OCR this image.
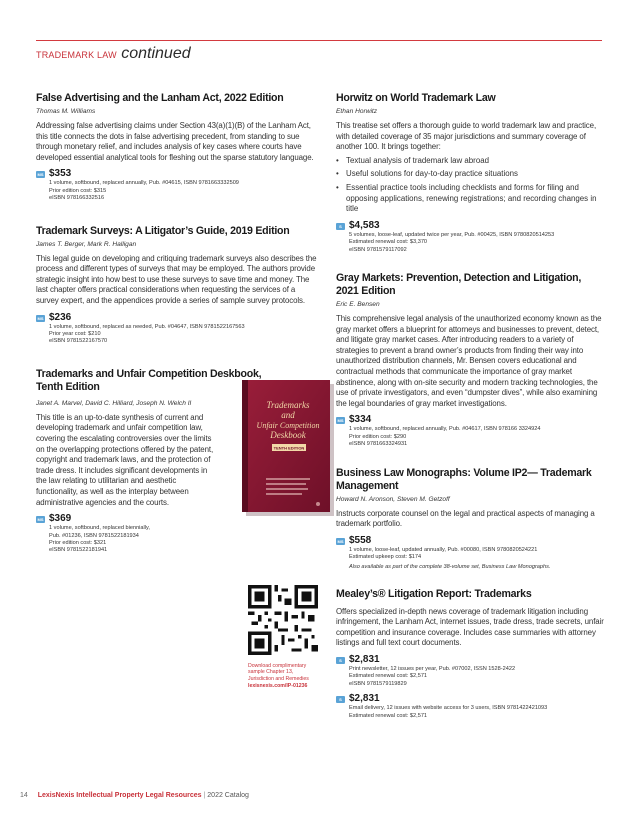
TRADEMARK LAW continued
False Advertising and the Lanham Act, 2022 Edition
Thomas M. Williams
Addressing false advertising claims under Section 43(a)(1)(B) of the Lanham Act, this title connects the dots in false advertising precedent, from standing to sue through monetary relief, and includes analysis of key cases where courts have developed essential analytical tools for fleshing out the sparse statutory language.
MS $353
1 volume, softbound, replaced annually, Pub. #04615, ISBN 9781663332509
Prior edition cost: $315
eISBN 978166332516
Trademark Surveys: A Litigator’s Guide, 2019 Edition
James T. Berger, Mark R. Halligan
This legal guide on developing and critiquing trademark surveys also describes the process and different types of surveys that may be employed. The authors provide strategic insight into how best to use these surveys to save time and money. The last chapter offers practical considerations when requesting the services of a survey expert, and the appendices provide a series of sample survey protocols.
MS $236
1 volume, softbound, replaced as needed, Pub. #04647, ISBN 9781522167563
Prior year cost: $210
eISBN 9781522167570
Trademarks and Unfair Competition Deskbook,
Tenth Edition
Janet A. Marvel, David C. Hilliard, Joseph N. Welch II
This title is an up-to-date synthesis of current and developing trademark and unfair competition law, covering the escalating controversies over the limits on the overlapping protections offered by the patent, copyright and trademark laws, and the protection of trade dress. It includes significant developments in the law relating to utilitarian and aesthetic functionality, as well as the interplay between administrative agencies and the courts.
MS $369
1 volume, softbound, replaced biennially,
Pub. #01236, ISBN 9781522181934
Prior edition cost: $321
eISBN 9781522181941
Trademarks
and
Unfair Competition
Deskbook
TENTH EDITION
Download complimentary
sample Chapter 13,
Jurisdiction and Remedies
lexisnexis.com/IP-01236
Horwitz on World Trademark Law
Ethan Horwitz
This treatise set offers a thorough guide to world trademark law and practice, with detailed coverage of 35 major jurisdictions and summary coverage of another 100. It brings together:
• Textual analysis of trademark law abroad
• Useful solutions for day-to-day practice situations
• Essential practice tools including checklists and forms for filing and opposing applications, renewing registrations; and recording changes in title
S $4,583
5 volumes, loose-leaf, updated twice per year, Pub. #00425, ISBN 9780820514253
Estimated renewal cost: $3,370
eISBN 9781579117092
Gray Markets: Prevention, Detection and Litigation, 2021 Edition
Eric E. Bensen
This comprehensive legal analysis of the unauthorized economy known as the gray market offers a blueprint for attorneys and businesses to prevent, detect, and litigate gray market cases. After introducing readers to a variety of strategies to prevent a brand owner’s products from finding their way into unauthorized distribution channels, Mr. Bensen covers educational and contractual methods that communicate the importance of gray market abstinence, along with on-site security and modern tracking technologies, the use of private investigators, and even “dumpster dives”, while also examining the legal boundaries of gray market investigations.
MS $334
1 volume, softbound, replaced annually, Pub. #04617, ISBN 978166 3324924
Prior edition cost: $290
eISBN 9781663324931
Business Law Monographs: Volume IP2— Trademark Management
Howard N. Aronson, Steven M. Getzoff
Instructs corporate counsel on the legal and practical aspects of managing a trademark portfolio.
MS $558
1 volume, loose-leaf, updated annually, Pub. #00080, ISBN 9780820524221
Estimated upkeep cost: $174
Also available as part of the complete 38-volume set, Business Law Monographs.
Mealey’s® Litigation Report: Trademarks
Offers specialized in-depth news coverage of trademark litigation including infringement, the Lanham Act, internet issues, trade dress, trade secrets, unfair competition and insurance coverage. Includes case summaries with attorney listings and full text court documents.
S $2,831
Print newsletter, 12 issues per year, Pub. #07002, ISSN 1528-2422
Estimated renewal cost: $2,571
eISBN 9781579119829
S $2,831
Email delivery, 12 issues with website access for 3 users, ISBN 9781422421093
Estimated renewal cost: $2,571
14 LexisNexis Intellectual Property Legal Resources | 2022 Catalog
